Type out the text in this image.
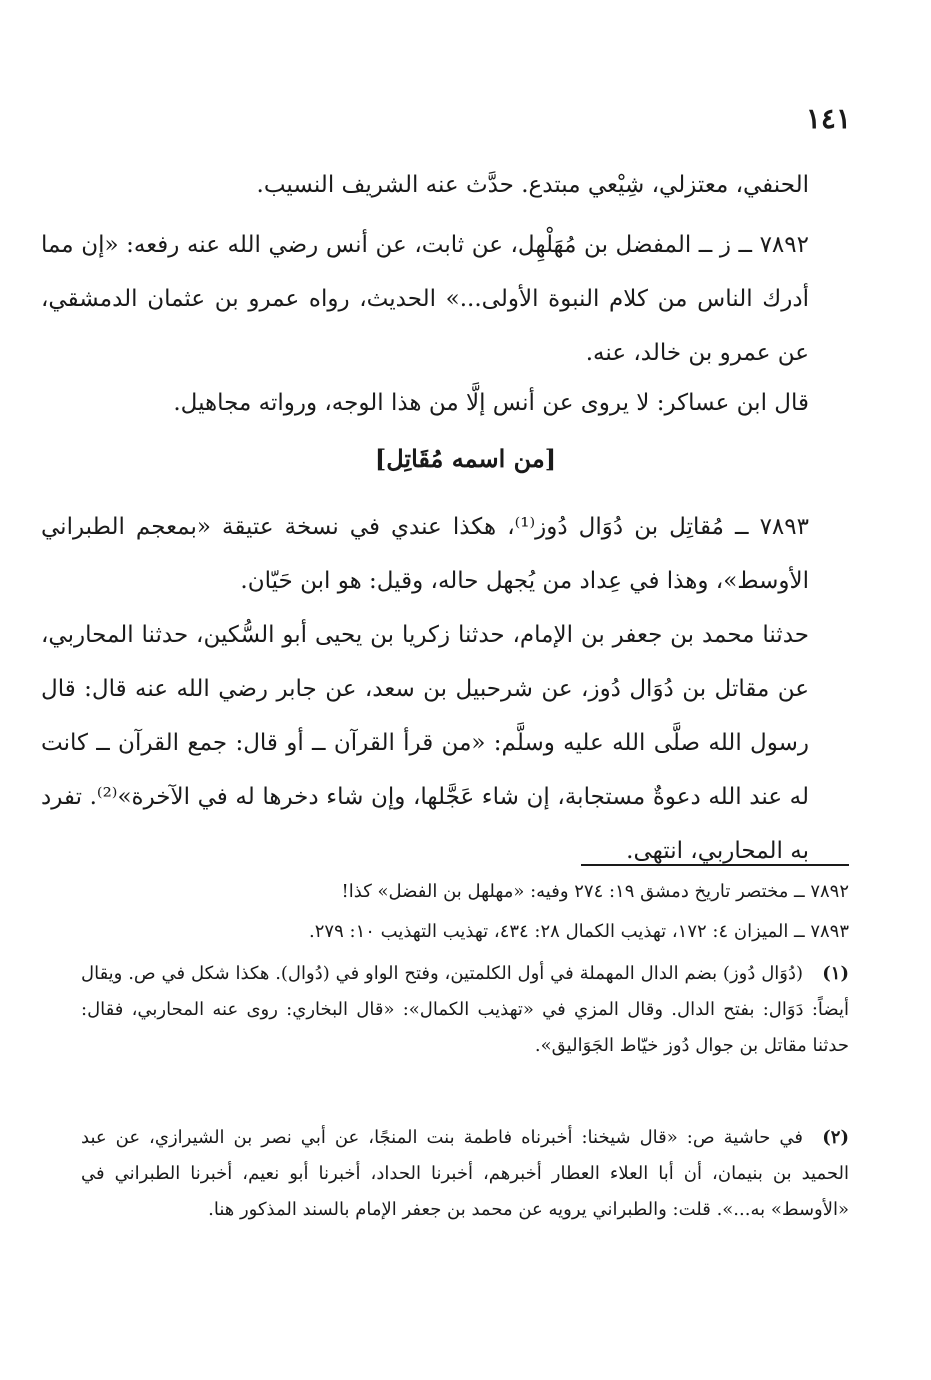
١٤١
الحنفي، معتزلي، شِيْعي مبتدع. حدَّث عنه الشريف النسيب.
٧٨٩٢ ــ ز ــ المفضل بن مُهَلْهِل، عن ثابت، عن أنس رضي الله عنه رفعه: «إن مما أدرك الناس من كلام النبوة الأولى...» الحديث، رواه عمرو بن عثمان الدمشقي، عن عمرو بن خالد، عنه.
قال ابن عساكر: لا يروى عن أنس إلَّا من هذا الوجه، ورواته مجاهيل.
[من اسمه مُقَاتِل]
٧٨٩٣ ــ مُقاتِل بن دُوَال دُوز⁽¹⁾، هكذا عندي في نسخة عتيقة «بمعجم الطبراني الأوسط»، وهذا في عِداد من يُجهل حاله، وقيل: هو ابن حَيّان.
حدثنا محمد بن جعفر بن الإمام، حدثنا زكريا بن يحيى أبو السُّكين، حدثنا المحاربي، عن مقاتل بن دُوَال دُوز، عن شرحبيل بن سعد، عن جابر رضي الله عنه قال: قال رسول الله صلَّى الله عليه وسلَّم: «من قرأ القرآن ــ أو قال: جمع القرآن ــ كانت له عند الله دعوةٌ مستجابة، إن شاء عَجَّلها، وإن شاء دخرها له في الآخرة»⁽²⁾. تفرد به المحاربي، انتهى.
٧٨٩٢ ــ مختصر تاريخ دمشق ١٩: ٢٧٤ وفيه: «مهلهل بن الفضل» كذا!
٧٨٩٣ ــ الميزان ٤: ١٧٢، تهذيب الكمال ٢٨: ٤٣٤، تهذيب التهذيب ١٠: ٢٧٩.
(١)(دُوَال دُوز) بضم الدال المهملة في أول الكلمتين، وفتح الواو في (دُوال). هكذا شكل في ص. ويقال أيضاً: دَوَال: بفتح الدال. وقال المزي في «تهذيب الكمال»: «قال البخاري: روى عنه المحاربي، فقال: حدثنا مقاتل بن جوال دُوز خيّاط الجَوَاليق».
(٢)في حاشية ص: «قال شيخنا: أخبرناه فاطمة بنت المنجًا، عن أبي نصر بن الشيرازي، عن عبد الحميد بن بنيمان، أن أبا العلاء العطار أخبرهم، أخبرنا الحداد، أخبرنا أبو نعيم، أخبرنا الطبراني في «الأوسط» به...». قلت: والطبراني يرويه عن محمد بن جعفر الإمام بالسند المذكور هنا.
